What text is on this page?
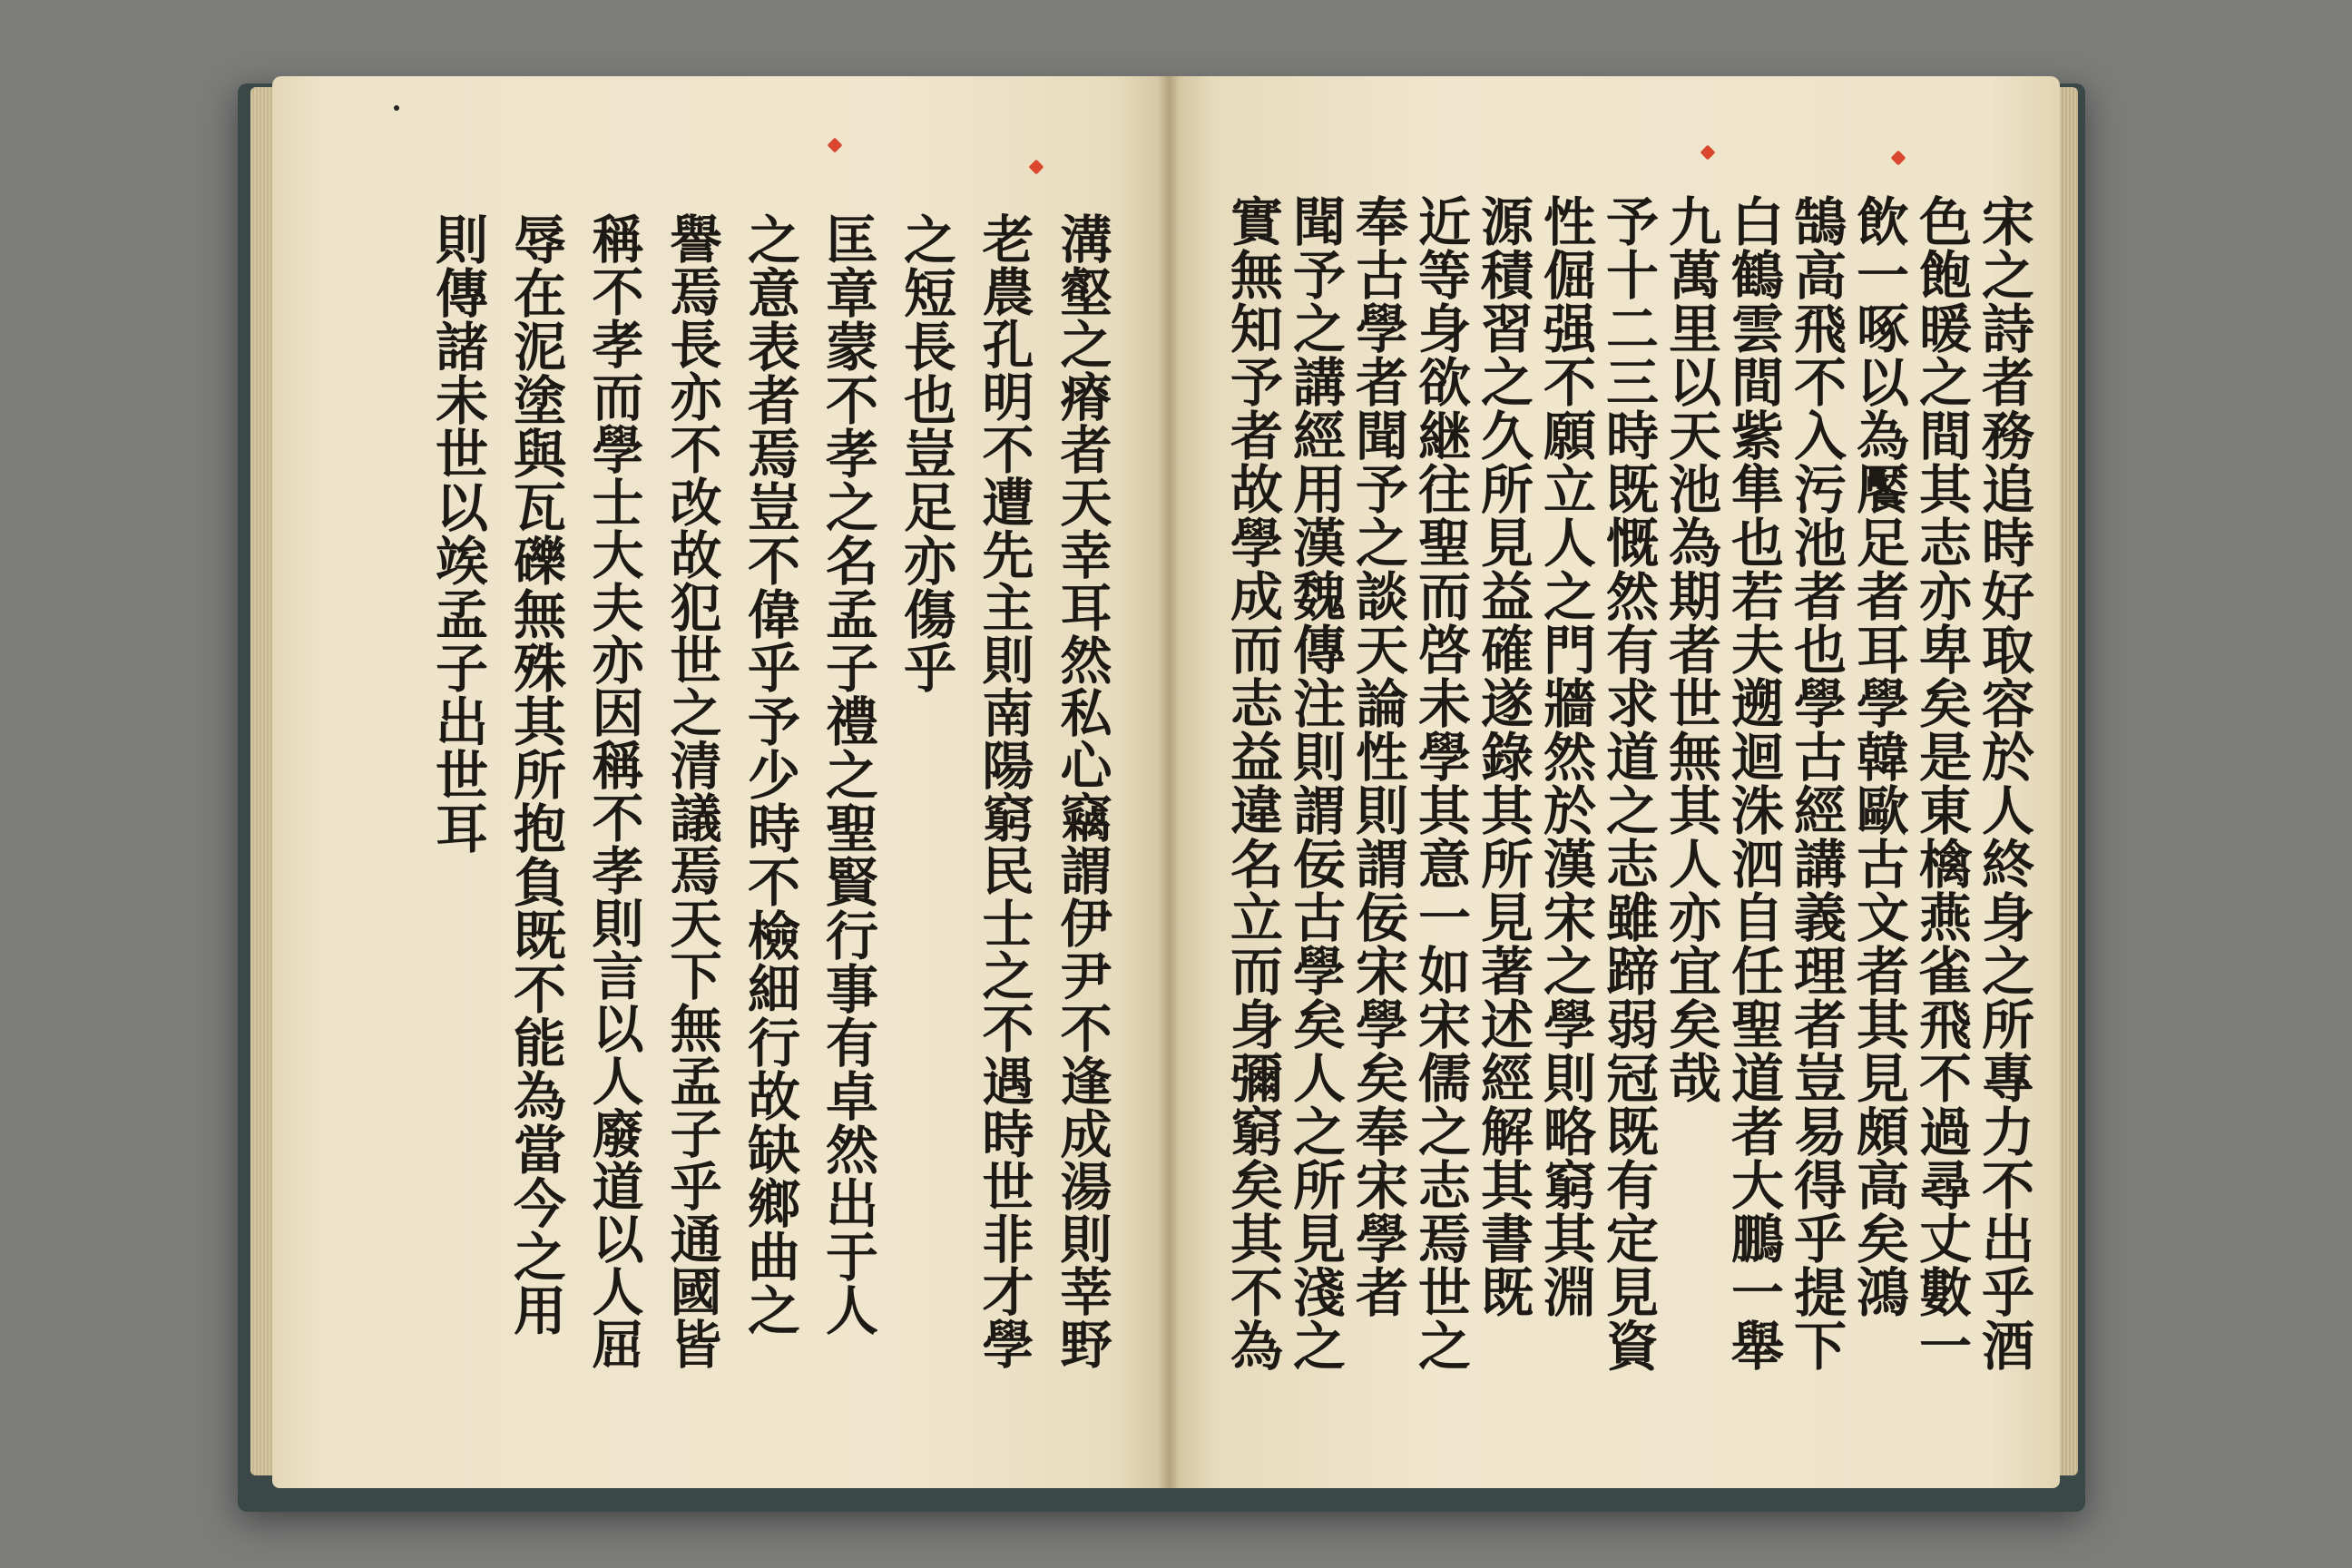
溝壑之瘠者天幸耳然私心竊謂伊尹不逢成湯則莘野
老農孔明不遭先主則南陽窮民士之不遇時世非才學
之短長也豈足亦傷乎
匡章蒙不孝之名孟子禮之聖賢行事有卓然出于人
之意表者焉豈不偉乎予少時不檢細行故缺鄉曲之
譽焉長亦不改故犯世之清議焉天下無孟子乎通國皆
稱不孝而學士大夫亦因稱不孝則言以人廢道以人屈
辱在泥塗與瓦礫無殊其所抱負既不能為當今之用
則傳諸未世以竢孟子出世耳	宋之詩者務追時好取容於人終身之所專力不出乎酒
色飽暖之間其志亦卑矣是東檎燕雀飛不過尋丈數一
飲一啄以為饜足者耳學韓歐古文者其見頗高矣鴻
鵠高飛不入污池者也學古經講義理者豈易得乎提下
白鶴雲間紫隼也若夫遡迴洙泗自任聖道者大鵬一舉
九萬里以天池為期者世無其人亦宜矣哉
予十二三時既慨然有求道之志雖蹄弱冠既有定見資
性倔强不願立人之門牆然於漢宋之學則略窮其淵
源積習之久所見益確遂錄其所見著述經解其書既
近等身欲継往聖而啓未學其意一如宋儒之志焉世之
奉古學者聞予之談天論性則謂佞宋學矣奉宋學者
聞予之講經用漢魏傳注則謂佞古學矣人之所見淺之
實無知予者故學成而志益違名立而身彌窮矣其不為
